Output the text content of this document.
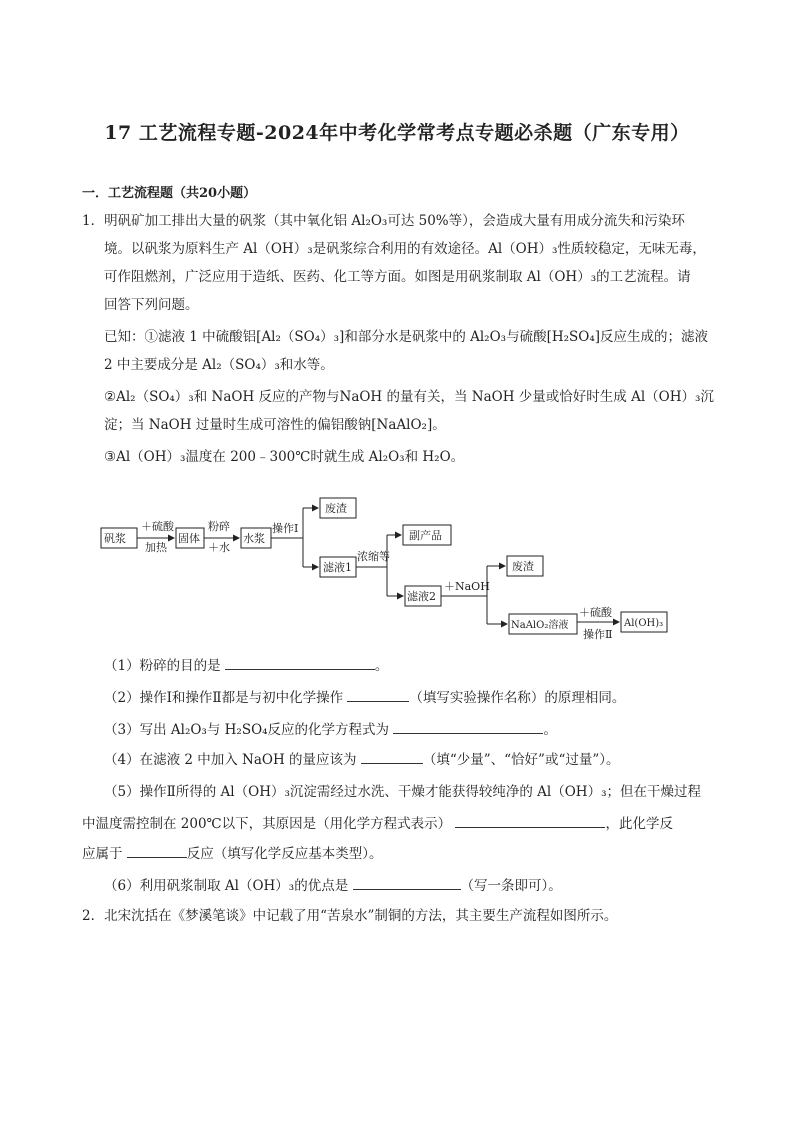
17 工艺流程专题-2024年中考化学常考点专题必杀题（广东专用）
一．工艺流程题（共20小题）
1．明矾矿加工排出大量的矾浆（其中氧化铝 Al₂O₃可达 50%等），会造成大量有用成分流失和污染环
境。以矾浆为原料生产 Al（OH）₃是矾浆综合利用的有效途径。Al（OH）₃性质较稳定，无味无毒，
可作阻燃剂，广泛应用于造纸、医药、化工等方面。如图是用矾浆制取 Al（OH）₃的工艺流程。请
回答下列问题。
已知：①滤液 1 中硫酸铝[Al₂（SO₄）₃]和部分水是矾浆中的 Al₂O₃与硫酸[H₂SO₄]反应生成的；滤液
2 中主要成分是 Al₂（SO₄）₃和水等。
②Al₂（SO₄）₃和 NaOH 反应的产物与NaOH 的量有关，当 NaOH 少量或恰好时生成 Al（OH）₃沉
淀；当 NaOH 过量时生成可溶性的偏铝酸钠[NaAlO₂]。
③Al（OH）₃温度在 200﹣300℃时就生成 Al₂O₃和 H₂O。
矾浆	固体	水浆
废渣
滤液1
副产品
滤液2
废渣
NaAlO₂溶液	Al(OH)₃
＋硫酸
加热
粉碎
＋水
操作Ⅰ
浓缩等
＋NaOH
＋硫酸
操作Ⅱ
（1）粉碎的目的是	。
（2）操作Ⅰ和操作Ⅱ都是与初中化学操作	（填写实验操作名称）的原理相同。
（3）写出 Al₂O₃与 H₂SO₄反应的化学方程式为	。
（4）在滤液 2 中加入 NaOH 的量应该为	（填“少量”、“恰好”或“过量”）。
（5）操作Ⅱ所得的 Al（OH）₃沉淀需经过水洗、干燥才能获得较纯净的 Al（OH）₃；但在干燥过程
中温度需控制在 200℃以下，其原因是（用化学方程式表示）	，此化学反
应属于	反应（填写化学反应基本类型）。
（6）利用矾浆制取 Al（OH）₃的优点是	（写一条即可）。
2．北宋沈括在《梦溪笔谈》中记载了用“苦泉水”制铜的方法，其主要生产流程如图所示。
